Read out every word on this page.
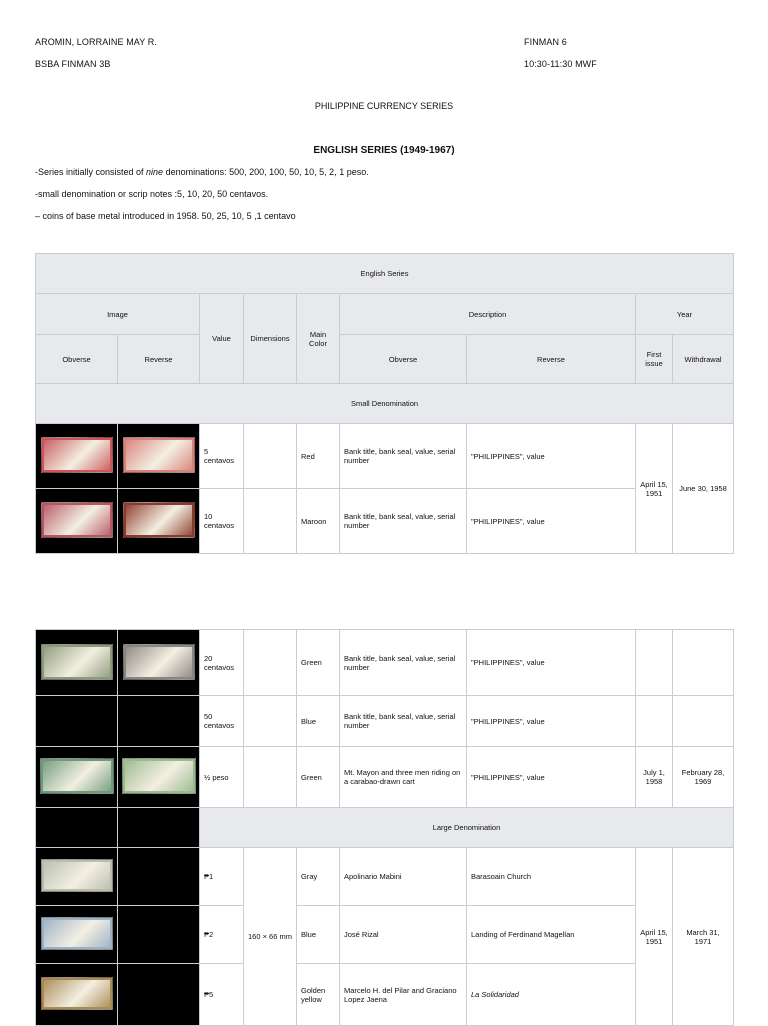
AROMIN, LORRAINE MAY R.	FINMAN 6
BSBA FINMAN 3B	10:30-11:30 MWF
PHILIPPINE CURRENCY SERIES
ENGLISH SERIES (1949-1967)
-Series initially consisted of nine denominations: 500, 200, 100, 50, 10, 5, 2, 1 peso.
-small denomination or scrip notes :5, 10, 20, 50 centavos.
– coins of base metal introduced in 1958. 50, 25, 10, 5 ,1 centavo
English Series								
Image		Value	Dimensions	Main Color	Description		Year	
Obverse	Reverse				Obverse	Reverse	First issue	Withdrawal
Small Denomination								
		5 centavos		Red	Bank title, bank seal, value, serial number	"PHILIPPINES", value	April 15, 1951	June 30, 1958
		10 centavos		Maroon	Bank title, bank seal, value, serial number	"PHILIPPINES", value		
		20 centavos		Green	Bank title, bank seal, value, serial number	"PHILIPPINES", value		
		50 centavos		Blue	Bank title, bank seal, value, serial number	"PHILIPPINES", value		
		½ peso		Green	Mt. Mayon and three men riding on a carabao-drawn cart	"PHILIPPINES", value	July 1, 1958	February 28, 1969
		Large Denomination						
		₱1	160 × 66 mm	Gray	Apolinario Mabini	Barasoain Church	April 15, 1951	March 31, 1971
		₱2		Blue	José Rizal	Landing of Ferdinand Magellan		
		₱5		Golden yellow	Marcelo H. del Pilar and Graciano Lopez Jaena	La Solidaridad		
